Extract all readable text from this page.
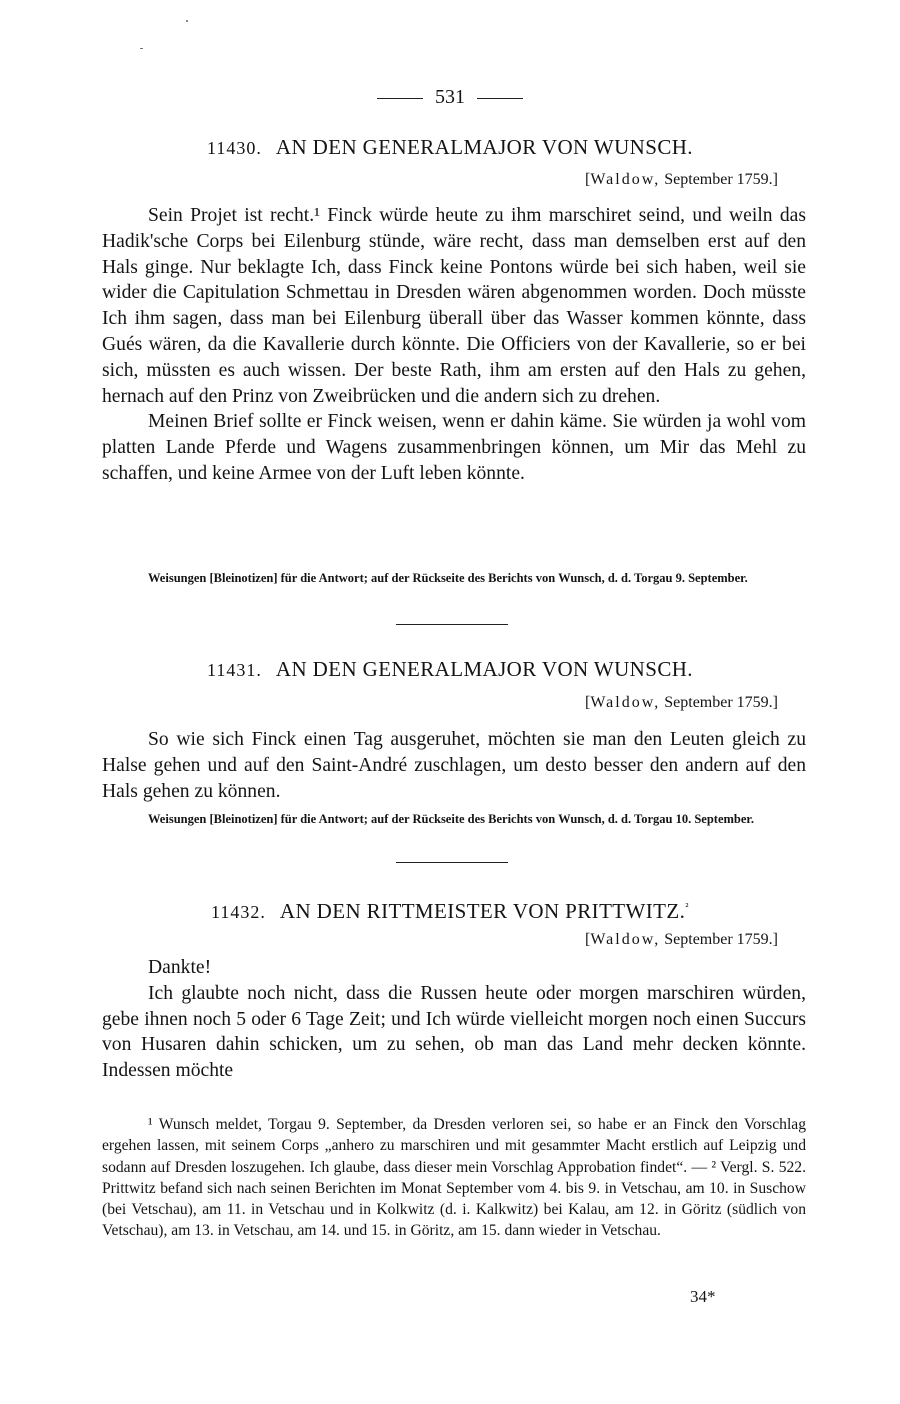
531
11430. AN DEN GENERALMAJOR VON WUNSCH.
[Waldow, September 1759.]

Sein Projet ist recht.¹ Finck würde heute zu ihm marschiret seind, und weiln das Hadik'sche Corps bei Eilenburg stünde, wäre recht, dass man demselben erst auf den Hals ginge. Nur beklagte Ich, dass Finck keine Pontons würde bei sich haben, weil sie wider die Capitulation Schmettau in Dresden wären abgenommen worden. Doch müsste Ich ihm sagen, dass man bei Eilenburg überall über das Wasser kommen könnte, dass Gués wären, da die Kavallerie durch könnte. Die Officiers von der Kavallerie, so er bei sich, müssten es auch wissen. Der beste Rath, ihm am ersten auf den Hals zu gehen, hernach auf den Prinz von Zweibrücken und die andern sich zu drehen.

Meinen Brief sollte er Finck weisen, wenn er dahin käme. Sie würden ja wohl vom platten Lande Pferde und Wagens zusammenbringen können, um Mir das Mehl zu schaffen, und keine Armee von der Luft leben könnte.

Weisungen [Bleinotizen] für die Antwort; auf der Rückseite des Berichts von Wunsch, d. d. Torgau 9. September.

11431. AN DEN GENERALMAJOR VON WUNSCH.
[Waldow, September 1759.]

So wie sich Finck einen Tag ausgeruhet, möchten sie man den Leuten gleich zu Halse gehen und auf den Saint-André zuschlagen, um desto besser den andern auf den Hals gehen zu können.

Weisungen [Bleinotizen] für die Antwort; auf der Rückseite des Berichts von Wunsch, d. d. Torgau 10. September.

11432. AN DEN RITTMEISTER VON PRITTWITZ.$^{^2}$
[Waldow, September 1759.]

Dankte!

Ich glaubte noch nicht, dass die Russen heute oder morgen marschiren würden, gebe ihnen noch 5 oder 6 Tage Zeit; und Ich würde vielleicht morgen noch einen Succurs von Husaren dahin schicken, um zu sehen, ob man das Land mehr decken könnte. Indessen möchte

¹ Wunsch meldet, Torgau 9. September, da Dresden verloren sei, so habe er an Finck den Vorschlag ergehen lassen, mit seinem Corps „anhero zu marschiren und mit gesammter Macht erstlich auf Leipzig und sodann auf Dresden loszugehen. Ich glaube, dass dieser mein Vorschlag Approbation findet“. — ² Vergl. S. 522. Prittwitz befand sich nach seinen Berichten im Monat September vom 4. bis 9. in Vetschau, am 10. in Suschow (bei Vetschau), am 11. in Vetschau und in Kolkwitz (d. i. Kalkwitz) bei Kalau, am 12. in Göritz (südlich von Vetschau), am 13. in Vetschau, am 14. und 15. in Göritz, am 15. dann wieder in Vetschau.

34*
